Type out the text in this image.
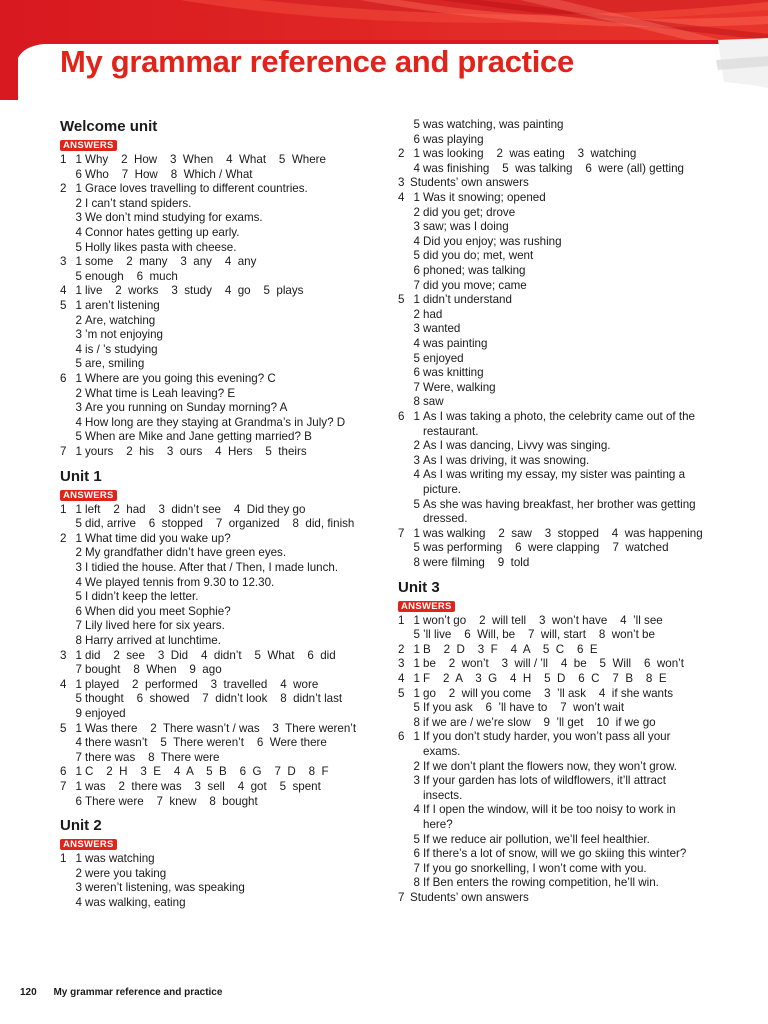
My grammar reference and practice
Welcome unit
ANSWERS
1 1 Why    2  How    3  When    4  What    5  Where
6 Who    7  How    8  Which / What
2 1 Grace loves travelling to different countries.
2 I can’t stand spiders.
3 We don’t mind studying for exams.
4 Connor hates getting up early.
5 Holly likes pasta with cheese.
3 1 some    2  many    3  any    4  any
5 enough    6  much
4 1 live    2  works    3  study    4  go    5  plays
5 1 aren’t listening
2 Are, watching
3 ’m not enjoying
4 is / ’s studying
5 are, smiling
6 1 Where are you going this evening? C
2 What time is Leah leaving? E
3 Are you running on Sunday morning? A
4 How long are they staying at Grandma’s in July? D
5 When are Mike and Jane getting married? B
7 1 yours    2  his    3  ours    4  Hers    5  theirs
Unit 1
ANSWERS
1 1 left    2  had    3  didn’t see    4  Did they go
5 did, arrive    6  stopped    7  organized    8  did, finish
2 1 What time did you wake up?
2 My grandfather didn’t have green eyes.
3 I tidied the house. After that / Then, I made lunch.
4 We played tennis from 9.30 to 12.30.
5 I didn’t keep the letter.
6 When did you meet Sophie?
7 Lily lived here for six years.
8 Harry arrived at lunchtime.
3 1 did    2  see    3  Did    4  didn’t    5  What    6  did
7 bought    8  When    9  ago
4 1 played    2  performed    3  travelled    4  wore
5 thought    6  showed    7  didn’t look    8  didn’t last
9 enjoyed
5 1 Was there    2  There wasn’t / was    3  There weren’t
4 there wasn’t    5  There weren’t    6  Were there
7 there was    8  There were
6 1 C    2  H    3  E    4  A    5  B    6  G    7  D    8  F
7 1 was    2  there was    3  sell    4  got    5  spent
6 There were    7  knew    8  bought
Unit 2
ANSWERS
1 1 was watching
2 were you taking
3 weren’t listening, was speaking
4 was walking, eating
5 was watching, was painting
6 was playing
2 1 was looking    2  was eating    3  watching
4 was finishing    5  was talking    6  were (all) getting
3 Students’ own answers
4 1 Was it snowing; opened
2 did you get; drove
3 saw; was I doing
4 Did you enjoy; was rushing
5 did you do; met, went
6 phoned; was talking
7 did you move; came
5 1 didn’t understand
2 had
3 wanted
4 was painting
5 enjoyed
6 was knitting
7 Were, walking
8 saw
6 1 As I was taking a photo, the celebrity came out of the
restaurant.
2 As I was dancing, Livvy was singing.
3 As I was driving, it was snowing.
4 As I was writing my essay, my sister was painting a
picture.
5 As she was having breakfast, her brother was getting
dressed.
7 1 was walking    2  saw    3  stopped    4  was happening
5 was performing    6  were clapping    7  watched
8 were filming    9  told
Unit 3
ANSWERS
1 1 won’t go    2  will tell    3  won’t have    4  ’ll see
5 ’ll live    6  Will, be    7  will, start    8  won’t be
2 1 B    2  D    3  F    4  A    5  C    6  E
3 1 be    2  won’t    3  will / ’ll    4  be    5  Will    6  won’t
4 1 F    2  A    3  G    4  H    5  D    6  C    7  B    8  E
5 1 go    2  will you come    3  ’ll ask    4  if she wants
5 If you ask    6  ’ll have to    7  won’t wait
8 if we are / we’re slow    9  ’ll get    10  if we go
6 1 If you don’t study harder, you won’t pass all your
exams.
2 If we don’t plant the flowers now, they won’t grow.
3 If your garden has lots of wildflowers, it’ll attract
insects.
4 If I open the window, will it be too noisy to work in
here?
5 If we reduce air pollution, we’ll feel healthier.
6 If there’s a lot of snow, will we go skiing this winter?
7 If you go snorkelling, I won’t come with you.
8 If Ben enters the rowing competition, he’ll win.
7 Students’ own answers
120 My grammar reference and practice
